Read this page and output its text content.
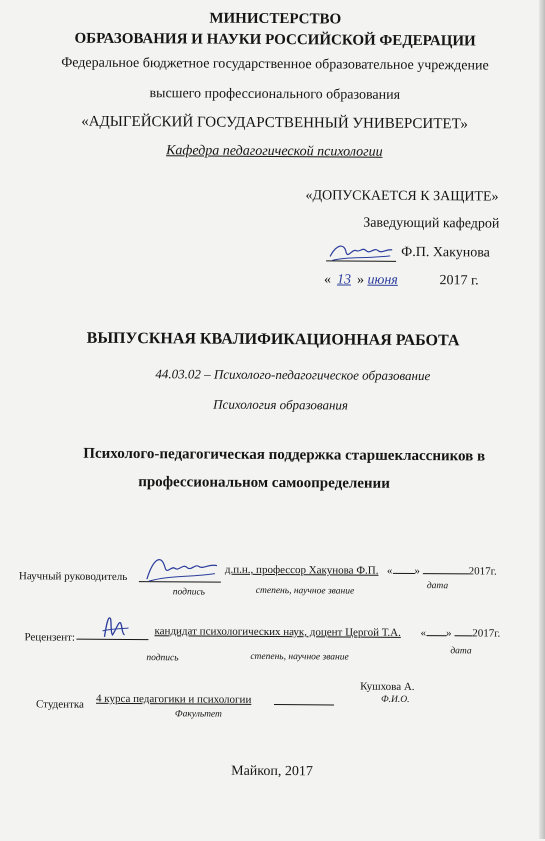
МИНИСТЕРСТВО
ОБРАЗОВАНИЯ И НАУКИ РОССИЙСКОЙ ФЕДЕРАЦИИ
Федеральное бюджетное государственное образовательное учреждение
высшего профессионального образования
«АДЫГЕЙСКИЙ ГОСУДАРСТВЕННЫЙ УНИВЕРСИТЕТ»
Кафедра педагогической психологии
«ДОПУСКАЕТСЯ К ЗАЩИТЕ»
Заведующий кафедрой
Ф.П. Хакунова
« 13 » июня	2017 г.
ВЫПУСКНАЯ КВАЛИФИКАЦИОННАЯ РАБОТА
44.03.02 – Психолого-педагогическое образование
Психология образования
Психолого-педагогическая поддержка старшеклассников в
профессиональном самоопределении
Научный руководитель	д.п.н., профессор Хакунова Ф.П. « »	2017г.
подпись	степень, научное звание	дата
Рецензент:	кандидат психологических наук, доцент Цергой Т.А. « » 2017г.
подпись	степень, научное звание
дата
Студентка 4 курса педагогики и психологии
Кушхова А.
Факультет
Ф.И.О.
Майкоп, 2017
